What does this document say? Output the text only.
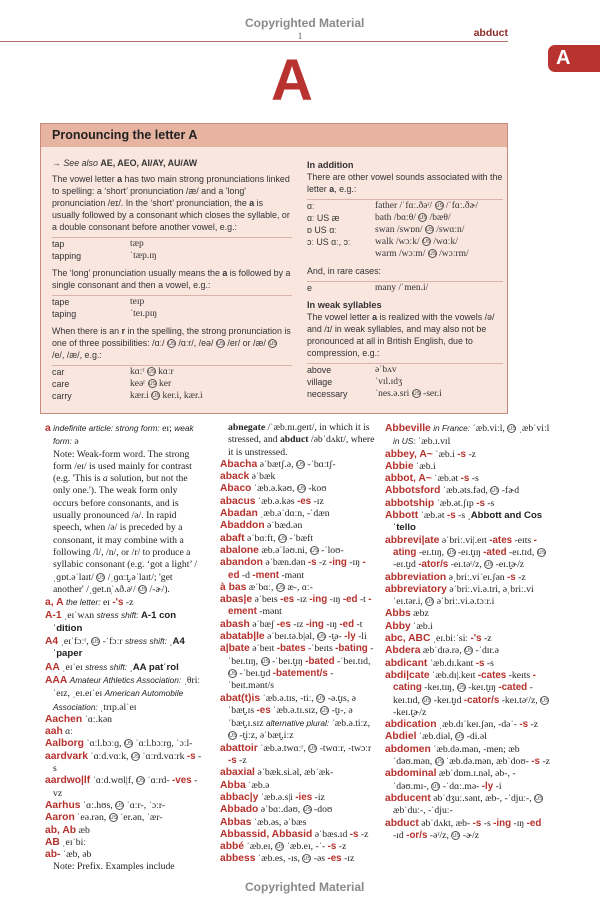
Copyrighted Material
1	abduct
A
A
Pronouncing the letter A

→ See also AE, AEO, AI/AY, AU/AW

The vowel letter a has two main strong pronunciations linked to spelling: a ‘short’ pronunciation /æ/ and a 'long' pronunciation /eɪ/. In the ‘short’ pronunciation, the a is usually followed by a consonant which closes the syllable, or a double consonant before another vowel, e.g.:

tap	tæp
tapping	ˈtæp.ɪŋ

The ‘long’ pronunciation usually means the a is followed by a single consonant and then a vowel, e.g.:

tape	teɪp
taping	ˈteɪ.pɪŋ

When there is an r in the spelling, the strong pronunciation is one of three possibilities: /ɑː/ US /ɑːr/, /eə/ US /er/ or /æ/ US /e/, /æ/, e.g.:

car	kɑːʳ US kɑːr
care	keəʳ US ker
carry	kær.i US ker.i, kær.i
In addition

There are other vowel sounds associated with the letter a, e.g.:

ɑː	father /ˈfɑː.ðəʳ/ US /ˈfɑː.ðɚ/
ɑː US æ	bath /bɑːθ/ US /bæθ/
ɒ US ɑː	swan /swɒn/ US /swɑːn/
ɔː US ɑː, ɔː	walk /wɔːk/ US /wɑːk/
warm /wɔːm/ US /wɔːrm/

And, in rare cases:

e	many /ˈmen.i/
In weak syllables

The vowel letter a is realized with the vowels /ə/ and /ɪ/ in weak syllables, and may also not be pronounced at all in British English, due to compression, e.g.:

above	əˈbʌv
village	ˈvɪl.ɪdʒ
necessary	ˈnes.ə.sri US -ser.i
a indefinite article: strong form: eɪ; weak form: ə
Note: Weak-form word. The strong form /eɪ/ is used mainly for contrast (e.g. 'This is a solution, but not the only one.'). The weak form only occurs before consonants, and is usually pronounced /ə/. In rapid speech, when /ə/ is preceded by a consonant, it may combine with a following /l/, /n/, or /r/ to produce a syllabic consonant (e.g. ‘got a light’ /ˌɡɒt.əˈlaɪt/ US /ˌɡɑːt̬.əˈlaɪt/; 'get another' /ˌɡet.n̩ˈʌð.əʳ/ US /-ɚ/).
a, A the letter: eɪ -'s -z
A-1 ˌeɪˈwʌn stress shift: A-1 conˈdition
A4 ˌeɪˈfɔːʳ, US -ˈfɔːr stress shift: ˌA4 ˈpaper
AA ˌeɪˈeɪ stress shift: ˌAA patˈrol
AAA Amateur Athletics Association: ˌθriːˈeɪz, ˌeɪ.eɪˈeɪ American Automobile Association: ˌtrɪp.əlˈeɪ
Aachen ˈɑː.kən
aah ɑː
Aalborg ˈɑːl.bɔːɡ, US ˈɑːl.bɔːrɡ, ˈɔːl-
aardvark ˈɑːd.vɑːk, US ˈɑːrd.vɑːrk -s -s
aardwo|lf ˈɑːd.wʊl|f, US ˈɑːrd- -ves -vz
Aarhus ˈɑː.hʊs, US ˈɑːr-, ˈɔːr-
Aaron ˈeə.rən, US ˈer.ən, ˈær-
ab, Ab æb
AB ˌeɪˈbiː
ab- ˈæb, əb
Note: Prefix. Examples include
abnegate /ˈæb.nɪ.ɡeɪt/, in which it is stressed, and abduct /əbˈdʌkt/, where it is unstressed.
Abacha əˈbætʃ.ə, US -ˈbɑːtʃ-
aback əˈbæk
Abaco ˈæb.ə.kəʊ, US -koʊ
abacus ˈæb.ə.kəs -es -ɪz
Abadan ˌæb.əˈdɑːn, -ˈdæn
Abaddon əˈbæd.ən
abaft əˈbɑːft, US -ˈbæft
abalone æb.əˈləʊ.ni, US -ˈloʊ-
abandon əˈbæn.dən -s -z -ing -ɪŋ -ed -d -ment -mənt
à bas æˈbɑː, US æ-, ɑː-
abas|e əˈbeɪs -es -ɪz -ing -ɪŋ -ed -t -ement -mənt
abash əˈbæʃ -es -ɪz -ing -ɪŋ -ed -t
abatab|le əˈbeɪ.tə.b|əl, US -t̬ə- -ly -li
a|bate əˈbeɪt -bates -ˈbeɪts -bating -ˈbeɪ.tɪŋ, US -ˈbeɪ.t̬ɪŋ -bated -ˈbeɪ.tɪd, US -ˈbeɪ.t̬ɪd -batement/s -ˈbeɪt.mənt/s
abat(t)is ˈæb.ə.tɪs, -tiː, US -ə.t̬ɪs, əˈbæt̬.ɪs -es ˈæb.ə.tɪ.sɪz, US -t̬ɪ-, əˈbæt̬.ɪ.sɪz alternative plural: ˈæb.ə.tiːz, US -t̬iːz, əˈbæt̬.iːz
abattoir ˈæb.ə.twɑːʳ, US -twɑːr, -twɔːr -s -z
abaxial əˈbæk.si.əl, æbˈæk-
Abba ˈæb.ə
abbac|y ˈæb.ə.s|i -ies -iz
Abbado əˈbɑː.dəʊ, US -doʊ
Abbas ˈæb.əs, əˈbæs
Abbassid, Abbasid əˈbæs.ɪd -s -z
abbé ˈæb.eɪ, US ˈæb.eɪ, -ˈ- -s -z
abbess ˈæb.es, -ɪs, US -əs -es -ɪz
Abbeville in France: ˈæb.viːl, US ˌæbˈviːl in US: ˈæb.ɪ.vɪl
abbey, A~ ˈæb.i -s -z
Abbie ˈæb.i
abbot, A~ ˈæb.ət -s -s
Abbotsford ˈæb.əts.fəd, US -fɚd
abbotship ˈæb.ət.ʃɪp -s -s
Abbott ˈæb.ət -s -s ˌAbbott and Cosˈtello
abbrevi|ate əˈbriː.vi|.eɪt -ates -eɪts -ating -eɪ.tɪŋ, US -eɪ.t̬ɪŋ -ated -eɪ.tɪd, US -eɪ.t̬ɪd -ator/s -eɪ.təʳ/z, US -eɪ.t̬ɚ/z
abbreviation əˌbriː.viˈeɪ.ʃən -s -z
abbreviatory əˈbriː.vi.ə.tri, əˌbriː.viˈeɪ.tər.i, US əˈbriː.vi.ə.tɔːr.i
Abbs æbz
Abby ˈæb.i
abc, ABC ˌeɪ.biːˈsiː -'s -z
Abdera æbˈdɪə.rə, US -ˈdɪr.ə
abdicant ˈæb.dɪ.kənt -s -s
abdi|cate ˈæb.dɪ|.keɪt -cates -keɪts -cating -keɪ.tɪŋ, US -keɪ.t̬ɪŋ -cated -keɪ.tɪd, US -keɪ.t̬ɪd -cator/s -keɪ.təʳ/z, US -keɪ.t̬ɚ/z
abdication ˌæb.dɪˈkeɪ.ʃən, -dəˈ- -s -z
Abdiel ˈæb.diəl, US -di.əl
abdomen ˈæb.də.mən, -men; æbˈdəʊ.mən, US ˈæb.də.mən, æbˈdoʊ- -s -z
abdominal æbˈdɒm.ɪ.nəl, əb-, -ˈdəʊ.mɪ-, US -ˈdɑː.mə- -ly -i
abducent əbˈdʒuː.sənt, æb-, -ˈdjuː-, US æbˈduː-, -ˈdjuː-
abduct əbˈdʌkt, æb- -s -s -ing -ɪŋ -ed -ɪd -or/s -əʳ/z, US -ɚ/z
Copyrighted Material
